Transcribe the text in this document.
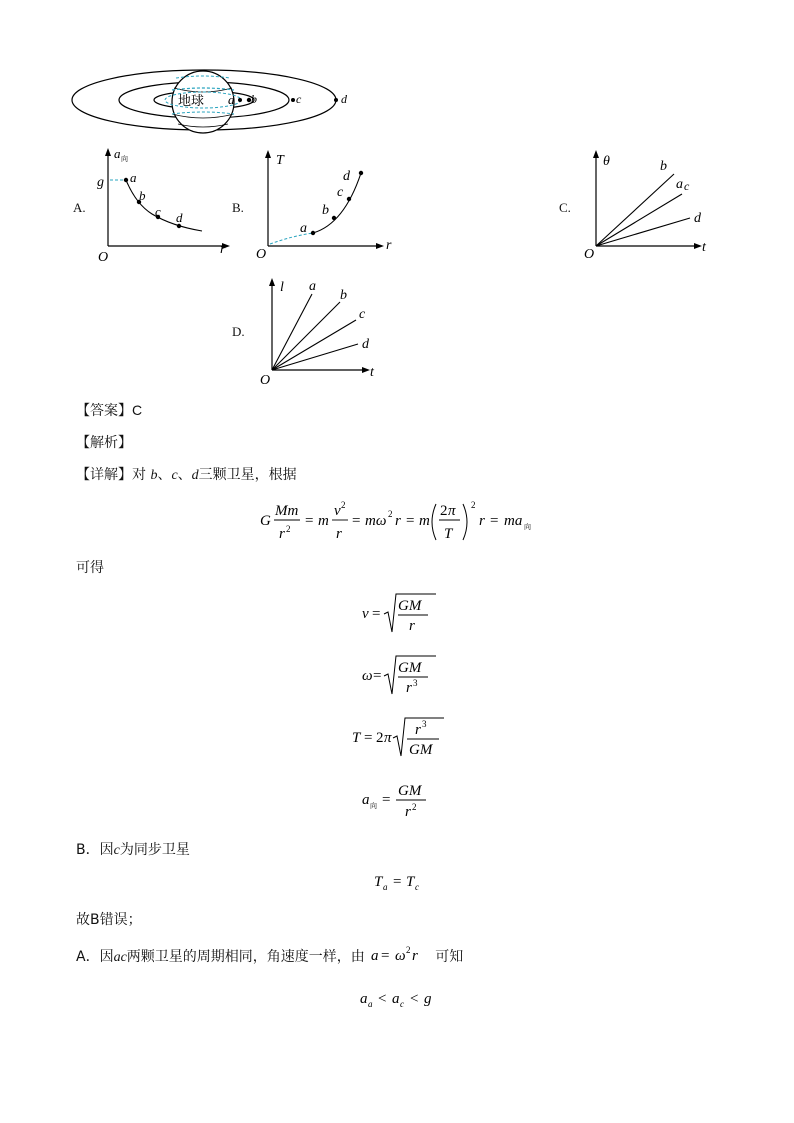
地球 a b	c	d
A.
a 向
r
O
g a
b
c d
B.
T
r
O
a
b
c
d
C.
θ
t
O
b
a c
d
D.
l
t
O
a
b
c
d
【答案】C
【解析】
【详解】对 b、c、d三颗卫星，根据
G
Mm
r 2 = m
v 2
r
= mω 2 r = m
2 π
T
2
r = ma 向
可得
v = GM
r
ω = GM
r 3
T = 2 π r 3
GM
a 向 =
GM
r 2
B．因c为同步卫星
T a = T c
故B错误；
A．因ac两颗卫星的周期相同，角速度一样，由 a = ω 2 r 可知
a a < a c < g
